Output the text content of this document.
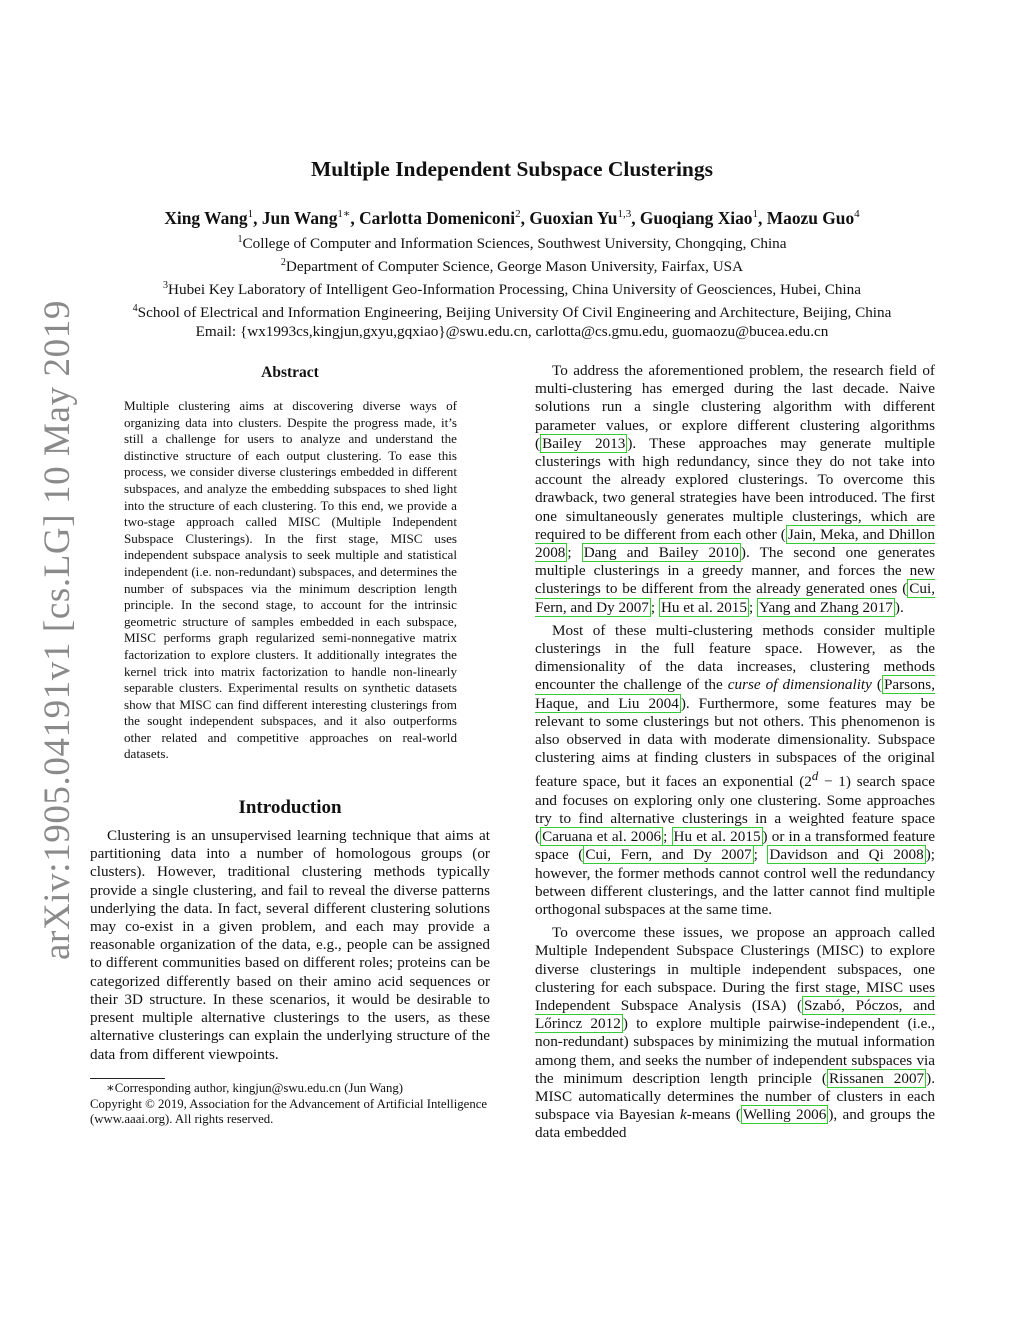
arXiv:1905.04191v1 [cs.LG] 10 May 2019
Multiple Independent Subspace Clusterings
Xing Wang$^1$, Jun Wang$^{1∗}$, Carlotta Domeniconi$^2$, Guoxian Yu$^{1,3}$, Guoqiang Xiao$^1$, Maozu Guo$^4$
$^1$College of Computer and Information Sciences, Southwest University, Chongqing, China
$^2$Department of Computer Science, George Mason University, Fairfax, USA
$^3$Hubei Key Laboratory of Intelligent Geo-Information Processing, China University of Geosciences, Hubei, China
$^4$School of Electrical and Information Engineering, Beijing University Of Civil Engineering and Architecture, Beijing, China
Email: {wx1993cs,kingjun,gxyu,gqxiao}@swu.edu.cn, carlotta@cs.gmu.edu, guomaozu@bucea.edu.cn
Abstract
Multiple clustering aims at discovering diverse ways of organizing data into clusters. Despite the progress made, it’s still a challenge for users to analyze and understand the distinctive structure of each output clustering. To ease this process, we consider diverse clusterings embedded in different subspaces, and analyze the embedding subspaces to shed light into the structure of each clustering. To this end, we provide a two-stage approach called MISC (Multiple Independent Subspace Clusterings). In the first stage, MISC uses independent subspace analysis to seek multiple and statistical independent (i.e. non-redundant) subspaces, and determines the number of subspaces via the minimum description length principle. In the second stage, to account for the intrinsic geometric structure of samples embedded in each subspace, MISC performs graph regularized semi-nonnegative matrix factorization to explore clusters. It additionally integrates the kernel trick into matrix factorization to handle non-linearly separable clusters. Experimental results on synthetic datasets show that MISC can find different interesting clusterings from the sought independent subspaces, and it also outperforms other related and competitive approaches on real-world datasets.
Introduction

Clustering is an unsupervised learning technique that aims at partitioning data into a number of homologous groups (or clusters). However, traditional clustering methods typically provide a single clustering, and fail to reveal the diverse patterns underlying the data. In fact, several different clustering solutions may co-exist in a given problem, and each may provide a reasonable organization of the data, e.g., people can be assigned to different communities based on different roles; proteins can be categorized differently based on their amino acid sequences or their 3D structure. In these scenarios, it would be desirable to present multiple alternative clusterings to the users, as these alternative clusterings can explain the underlying structure of the data from different viewpoints.

∗Corresponding author, kingjun@swu.edu.cn (Jun Wang)
Copyright © 2019, Association for the Advancement of Artificial Intelligence (www.aaai.org). All rights reserved.

To address the aforementioned problem, the research field of multi-clustering has emerged during the last decade. Naive solutions run a single clustering algorithm with different parameter values, or explore different clustering algorithms ( Bailey 2013 ). These approaches may generate multiple clusterings with high redundancy, since they do not take into account the already explored clusterings. To overcome this drawback, two general strategies have been introduced. The first one simultaneously generates multiple clusterings, which are required to be different from each other ( Jain, Meka, and Dhillon 2008 ; Dang and Bailey 2010 ). The second one generates multiple clusterings in a greedy manner, and forces the new clusterings to be different from the already generated ones ( Cui, Fern, and Dy 2007 ; Hu et al. 2015 ; Yang and Zhang 2017 ).

Most of these multi-clustering methods consider multiple clusterings in the full feature space. However, as the dimensionality of the data increases, clustering methods encounter the challenge of the curse of dimensionality ( Parsons, Haque, and Liu 2004 ). Furthermore, some features may be relevant to some clusterings but not others. This phenomenon is also observed in data with moderate dimensionality. Subspace clustering aims at finding clusters in subspaces of the original feature space, but it faces an exponential $(2^d - 1)$ search space and focuses on exploring only one clustering. Some approaches try to find alternative clusterings in a weighted feature space ( Caruana et al. 2006 ; Hu et al. 2015 ) or in a transformed feature space ( Cui, Fern, and Dy 2007 ; Davidson and Qi 2008 ); however, the former methods cannot control well the redundancy between different clusterings, and the latter cannot find multiple orthogonal subspaces at the same time.

To overcome these issues, we propose an approach called Multiple Independent Subspace Clusterings (MISC) to explore diverse clusterings in multiple independent subspaces, one clustering for each subspace. During the first stage, MISC uses Independent Subspace Analysis (ISA) ( Szabó, Póczos, and Lőrincz 2012 ) to explore multiple pairwise-independent (i.e., non-redundant) subspaces by minimizing the mutual information among them, and seeks the number of independent subspaces via the minimum description length principle ( Rissanen 2007 ). MISC automatically determines the number of clusters in each subspace via Bayesian k-means ( Welling 2006 ), and groups the data embedded
